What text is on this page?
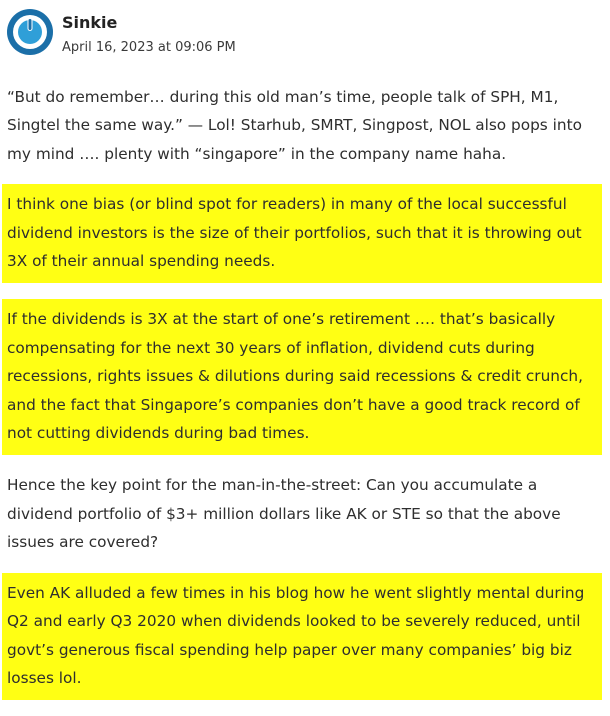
Sinkie
April 16, 2023 at 09:06 PM

“But do remember… during this old man’s time, people talk of SPH, M1,
Singtel the same way.” — Lol! Starhub, SMRT, Singpost, NOL also pops into
my mind …. plenty with “singapore” in the company name haha.

I think one bias (or blind spot for readers) in many of the local successful
dividend investors is the size of their portfolios, such that it is throwing out
3X of their annual spending needs.

If the dividends is 3X at the start of one’s retirement …. that’s basically
compensating for the next 30 years of inflation, dividend cuts during
recessions, rights issues & dilutions during said recessions & credit crunch,
and the fact that Singapore’s companies don’t have a good track record of
not cutting dividends during bad times.

Hence the key point for the man-in-the-street: Can you accumulate a
dividend portfolio of $3+ million dollars like AK or STE so that the above
issues are covered?

Even AK alluded a few times in his blog how he went slightly mental during
Q2 and early Q3 2020 when dividends looked to be severely reduced, until
govt’s generous fiscal spending help paper over many companies’ big biz
losses lol.
